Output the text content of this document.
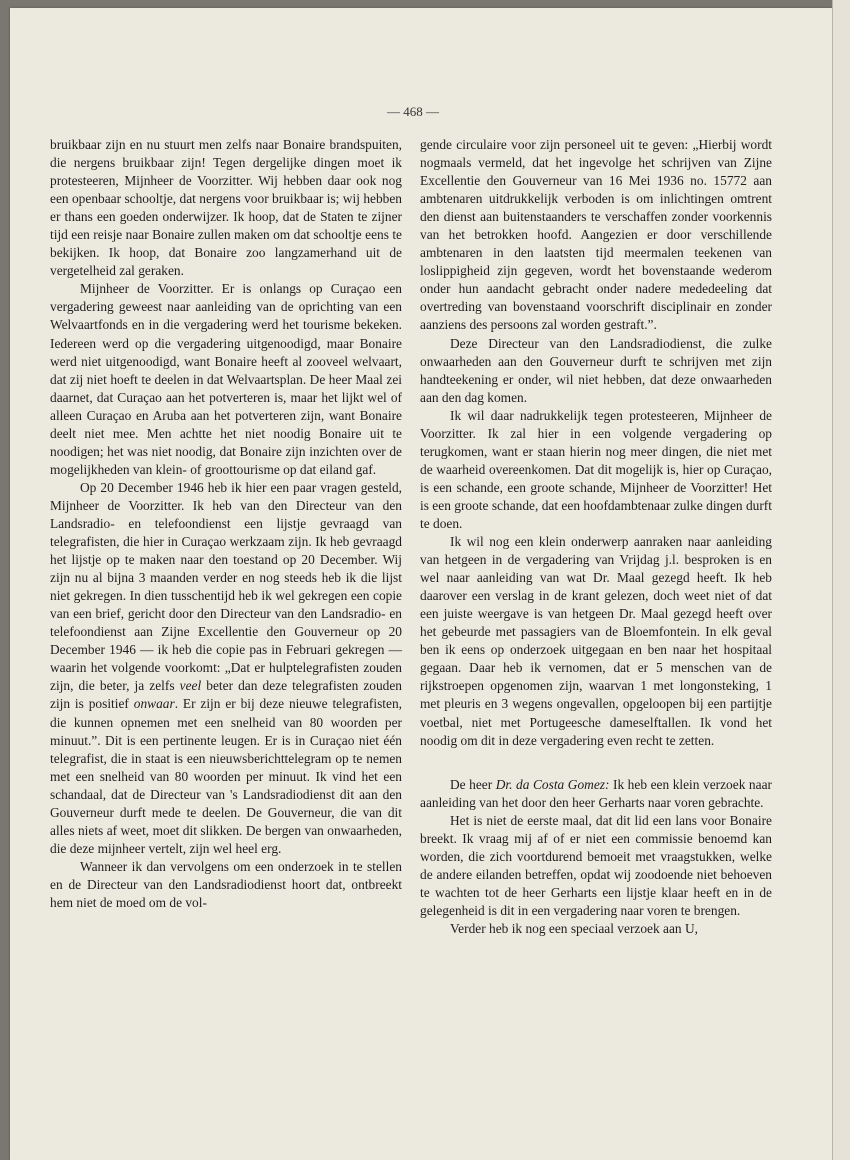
— 468 —

bruikbaar zijn en nu stuurt men zelfs naar Bonaire brandspuiten, die nergens bruikbaar zijn! Tegen dergelijke dingen moet ik protesteeren, Mijnheer de Voorzitter. Wij hebben daar ook nog een openbaar schooltje, dat nergens voor bruikbaar is; wij hebben er thans een goeden onderwijzer. Ik hoop, dat de Staten te zijner tijd een reisje naar Bonaire zullen maken om dat schooltje eens te bekijken. Ik hoop, dat Bonaire zoo langzamerhand uit de vergetelheid zal geraken.

Mijnheer de Voorzitter. Er is onlangs op Curaçao een vergadering geweest naar aanleiding van de oprichting van een Welvaartfonds en in die vergadering werd het tourisme bekeken. Iedereen werd op die vergadering uitgenoodigd, maar Bonaire werd niet uitgenoodigd, want Bonaire heeft al zooveel welvaart, dat zij niet hoeft te deelen in dat Welvaartsplan. De heer Maal zei daarnet, dat Curaçao aan het potverteren is, maar het lijkt wel of alleen Curaçao en Aruba aan het potverteren zijn, want Bonaire deelt niet mee. Men achtte het niet noodig Bonaire uit te noodigen; het was niet noodig, dat Bonaire zijn inzichten over de mogelijkheden van klein- of groottourisme op dat eiland gaf.

Op 20 December 1946 heb ik hier een paar vragen gesteld, Mijnheer de Voorzitter. Ik heb van den Directeur van den Landsradio- en telefoondienst een lijstje gevraagd van telegrafisten, die hier in Curaçao werkzaam zijn. Ik heb gevraagd het lijstje op te maken naar den toestand op 20 December. Wij zijn nu al bijna 3 maanden verder en nog steeds heb ik die lijst niet gekregen. In dien tusschentijd heb ik wel gekregen een copie van een brief, gericht door den Directeur van den Landsradio- en telefoondienst aan Zijne Excellentie den Gouverneur op 20 December 1946 — ik heb die copie pas in Februari gekregen — waarin het volgende voorkomt: „Dat er hulptelegrafisten zouden zijn, die beter, ja zelfs veel beter dan deze telegrafisten zouden zijn is positief onwaar. Er zijn er bij deze nieuwe telegrafisten, die kunnen opnemen met een snelheid van 80 woorden per minuut.”. Dit is een pertinente leugen. Er is in Curaçao niet één telegrafist, die in staat is een nieuwsberichttelegram op te nemen met een snelheid van 80 woorden per minuut. Ik vind het een schandaal, dat de Directeur van 's Landsradiodienst dit aan den Gouverneur durft mede te deelen. De Gouverneur, die van dit alles niets af weet, moet dit slikken. De bergen van onwaarheden, die deze mijnheer vertelt, zijn wel heel erg.

Wanneer ik dan vervolgens om een onderzoek in te stellen en de Directeur van den Landsradiodienst hoort dat, ontbreekt hem niet de moed om de vol-

gende circulaire voor zijn personeel uit te geven: „Hierbij wordt nogmaals vermeld, dat het ingevolge het schrijven van Zijne Excellentie den Gouverneur van 16 Mei 1936 no. 15772 aan ambtenaren uitdrukkelijk verboden is om inlichtingen omtrent den dienst aan buitenstaanders te verschaffen zonder voorkennis van het betrokken hoofd. Aangezien er door verschillende ambtenaren in den laatsten tijd meermalen teekenen van loslippigheid zijn gegeven, wordt het bovenstaande wederom onder hun aandacht gebracht onder nadere mededeeling dat overtreding van bovenstaand voorschrift disciplinair en zonder aanziens des persoons zal worden gestraft.”.

Deze Directeur van den Landsradiodienst, die zulke onwaarheden aan den Gouverneur durft te schrijven met zijn handteekening er onder, wil niet hebben, dat deze onwaarheden aan den dag komen.

Ik wil daar nadrukkelijk tegen protesteeren, Mijnheer de Voorzitter. Ik zal hier in een volgende vergadering op terugkomen, want er staan hierin nog meer dingen, die niet met de waarheid overeenkomen. Dat dit mogelijk is, hier op Curaçao, is een schande, een groote schande, Mijnheer de Voorzitter! Het is een groote schande, dat een hoofdambtenaar zulke dingen durft te doen.

Ik wil nog een klein onderwerp aanraken naar aanleiding van hetgeen in de vergadering van Vrijdag j.l. besproken is en wel naar aanleiding van wat Dr. Maal gezegd heeft. Ik heb daarover een verslag in de krant gelezen, doch weet niet of dat een juiste weergave is van hetgeen Dr. Maal gezegd heeft over het gebeurde met passagiers van de Bloemfontein. In elk geval ben ik eens op onderzoek uitgegaan en ben naar het hospitaal gegaan. Daar heb ik vernomen, dat er 5 menschen van de rijkstroepen opgenomen zijn, waarvan 1 met longonsteking, 1 met pleuris en 3 wegens ongevallen, opgeloopen bij een partijtje voetbal, niet met Portugeesche dameselftallen. Ik vond het noodig om dit in deze vergadering even recht te zetten.

De heer Dr. da Costa Gomez: Ik heb een klein verzoek naar aanleiding van het door den heer Gerharts naar voren gebrachte.

Het is niet de eerste maal, dat dit lid een lans voor Bonaire breekt. Ik vraag mij af of er niet een commissie benoemd kan worden, die zich voortdurend bemoeit met vraagstukken, welke de andere eilanden betreffen, opdat wij zoodoende niet behoeven te wachten tot de heer Gerharts een lijstje klaar heeft en in de gelegenheid is dit in een vergadering naar voren te brengen.

Verder heb ik nog een speciaal verzoek aan U,
